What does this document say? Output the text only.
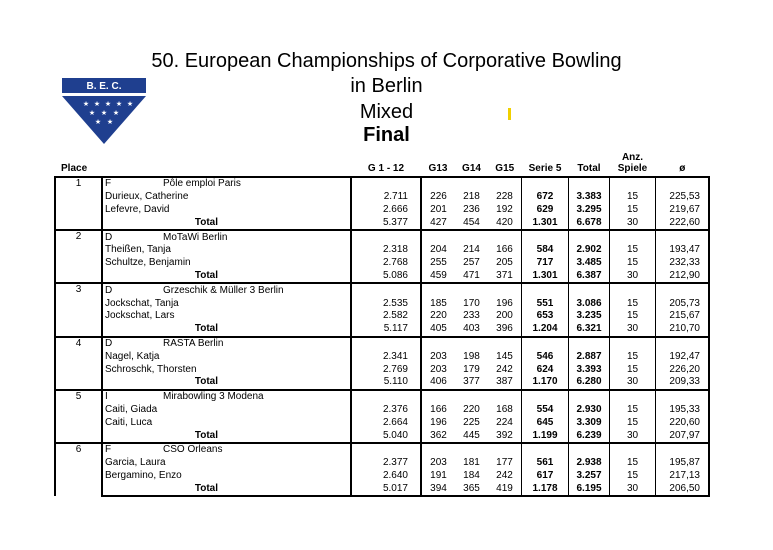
50. European Championships of Corporative Bowling
in Berlin
Mixed
Final
B. E. C.
★ ★ ★ ★ ★
★ ★ ★
★ ★
Place		G 1 - 12	G13	G14	G15	Serie 5	Total	Anz.
Spiele	ø
1	F Pôle emploi Paris								
	Durieux, Catherine	2.711	226	218	228	672	3.383	15	225,53
	Lefevre, David	2.666	201	236	192	629	3.295	15	219,67

	Total	5.377	427	454	420	1.301	6.678	30	222,60
2	D MoTaWi Berlin								
	Theißen, Tanja	2.318	204	214	166	584	2.902	15	193,47
	Schultze, Benjamin	2.768	255	257	205	717	3.485	15	232,33

	Total	5.086	459	471	371	1.301	6.387	30	212,90
3	D Grzeschik & Müller 3 Berlin								
	Jockschat, Tanja	2.535	185	170	196	551	3.086	15	205,73
	Jockschat, Lars	2.582	220	233	200	653	3.235	15	215,67

	Total	5.117	405	403	396	1.204	6.321	30	210,70
4	D RASTA Berlin								
	Nagel, Katja	2.341	203	198	145	546	2.887	15	192,47
	Schroschk, Thorsten	2.769	203	179	242	624	3.393	15	226,20

	Total	5.110	406	377	387	1.170	6.280	30	209,33
5	I Mirabowling 3 Modena								
	Caiti, Giada	2.376	166	220	168	554	2.930	15	195,33
	Caiti, Luca	2.664	196	225	224	645	3.309	15	220,60

	Total	5.040	362	445	392	1.199	6.239	30	207,97
6	F CSO Orleans								
	Garcia, Laura	2.377	203	181	177	561	2.938	15	195,87
	Bergamino, Enzo	2.640	191	184	242	617	3.257	15	217,13

	Total	5.017	394	365	419	1.178	6.195	30	206,50
